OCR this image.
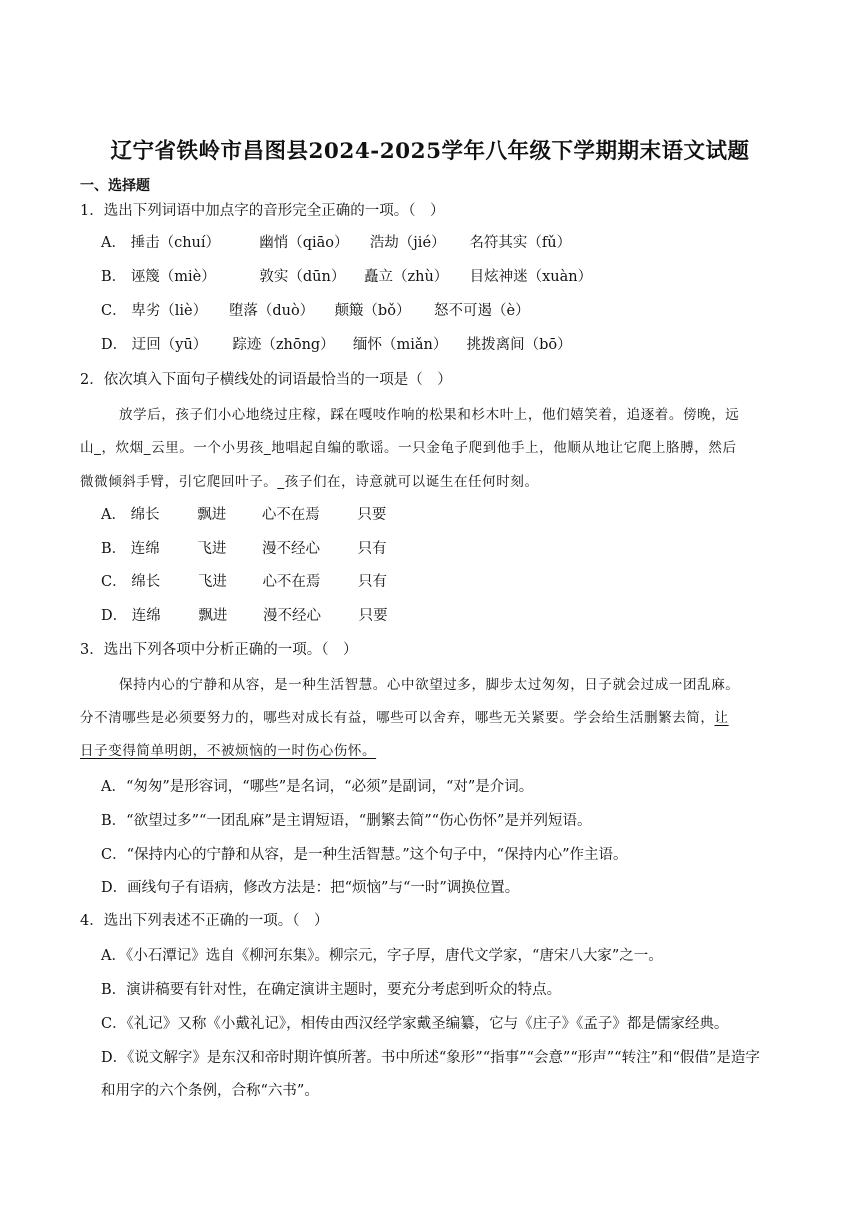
辽宁省铁岭市昌图县2024-2025学年八年级下学期期末语文试题
一、选择题
1．选出下列词语中加点字的音形完全正确的一项。（　）
A． 捶击（chuí）	幽悄（qiāo） 浩劫（jié） 名符其实（fǔ）
B． 诬篾（miè）	敦实（dūn） 矗立（zhù） 目炫神迷（xuàn）
C． 卑劣（liè） 堕落（duò） 颠簸（bǒ） 怒不可遏（è）
D． 迂回（yū） 踪迹（zhōng） 缅怀（miǎn） 挑拨离间（bō）
2．依次填入下面句子横线处的词语最恰当的一项是（　）
放学后，孩子们小心地绕过庄稼，踩在嘎吱作响的松果和杉木叶上，他们嬉笑着，追逐着。傍晚，远
山_，炊烟_云里。一个小男孩_地唱起自编的歌谣。一只金龟子爬到他手上，他顺从地让它爬上胳膊，然后
微微倾斜手臂，引它爬回叶子。_孩子们在，诗意就可以诞生在任何时刻。
A． 绵长	飘进 心不在焉	只要
B． 连绵	飞进 漫不经心	只有
C． 绵长	飞进 心不在焉	只有
D． 连绵	飘进 漫不经心	只要
3．选出下列各项中分析正确的一项。（　）
保持内心的宁静和从容，是一种生活智慧。心中欲望过多，脚步太过匆匆，日子就会过成一团乱麻。
分不清哪些是必须要努力的，哪些对成长有益，哪些可以舍弃，哪些无关紧要。学会给生活删繁去简，让
日子变得简单明朗，不被烦恼的一时伤心伤怀。
A．“匆匆”是形容词，“哪些”是名词，“必须”是副词，“对”是介词。
B．“欲望过多”“一团乱麻”是主谓短语，“删繁去简”“伤心伤怀”是并列短语。
C．“保持内心的宁静和从容，是一种生活智慧。”这个句子中，“保持内心”作主语。
D．画线句子有语病，修改方法是：把“烦恼”与“一时”调换位置。
4．选出下列表述不正确的一项。（　）
A．《小石潭记》选自《柳河东集》。柳宗元，字子厚，唐代文学家，“唐宋八大家”之一。
B．演讲稿要有针对性，在确定演讲主题时，要充分考虑到听众的特点。
C．《礼记》又称《小戴礼记》，相传由西汉经学家戴圣编纂，它与《庄子》《孟子》都是儒家经典。
D．《说文解字》是东汉和帝时期许慎所著。书中所述“象形”“指事”“会意”“形声”“转注”和“假借”是造字
和用字的六个条例，合称“六书”。
